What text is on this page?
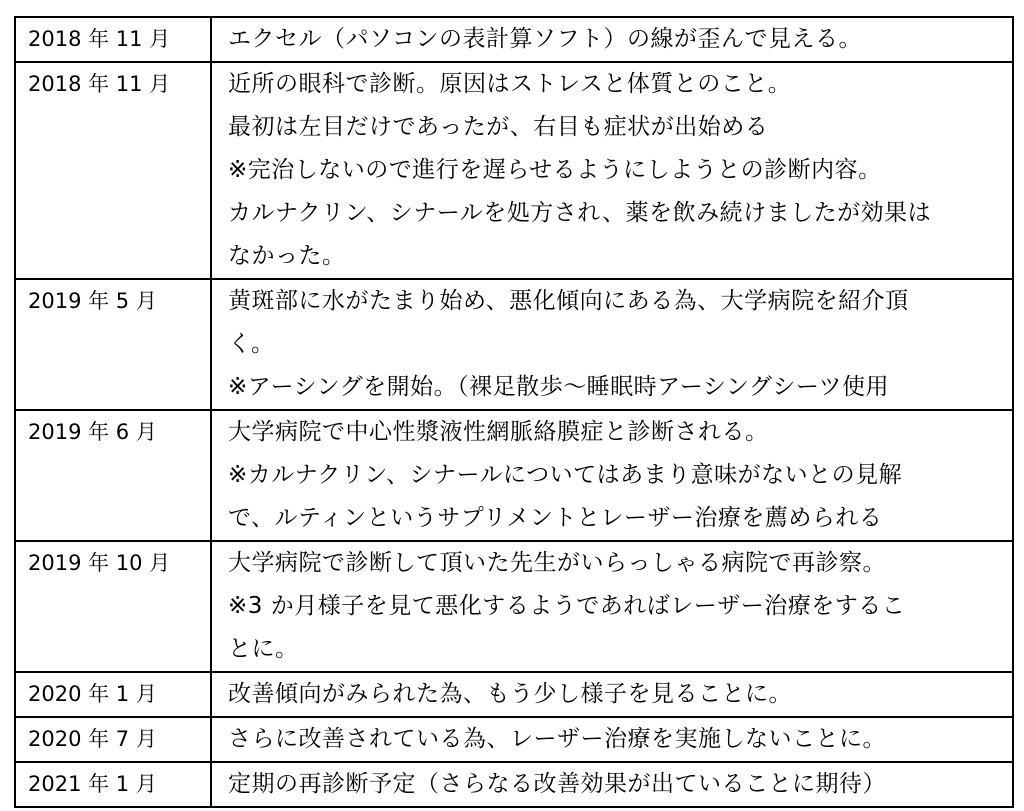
2018 年 11 月	エクセル（パソコンの表計算ソフト）の線が歪んで見える。

2018 年 11 月	近所の眼科で診断。原因はストレスと体質とのこと。
最初は左目だけであったが、右目も症状が出始める
※完治しないので進行を遅らせるようにしようとの診断内容。
カルナクリン、シナールを処方され、薬を飲み続けましたが効果は
なかった。

2019 年 5 月	黄斑部に水がたまり始め、悪化傾向にある為、大学病院を紹介頂
く。
※アーシングを開始。（裸足散歩～睡眠時アーシングシーツ使用

2019 年 6 月	大学病院で中心性漿液性網脈絡膜症と診断される。
※カルナクリン、シナールについてはあまり意味がないとの見解
で、ルティンというサプリメントとレーザー治療を薦められる

2019 年 10 月	大学病院で診断して頂いた先生がいらっしゃる病院で再診察。
※3 か月様子を見て悪化するようであればレーザー治療をするこ
とに。

2020 年 1 月	改善傾向がみられた為、もう少し様子を見ることに。

2020 年 7 月	さらに改善されている為、レーザー治療を実施しないことに。

2021 年 1 月	定期の再診断予定（さらなる改善効果が出ていることに期待）
